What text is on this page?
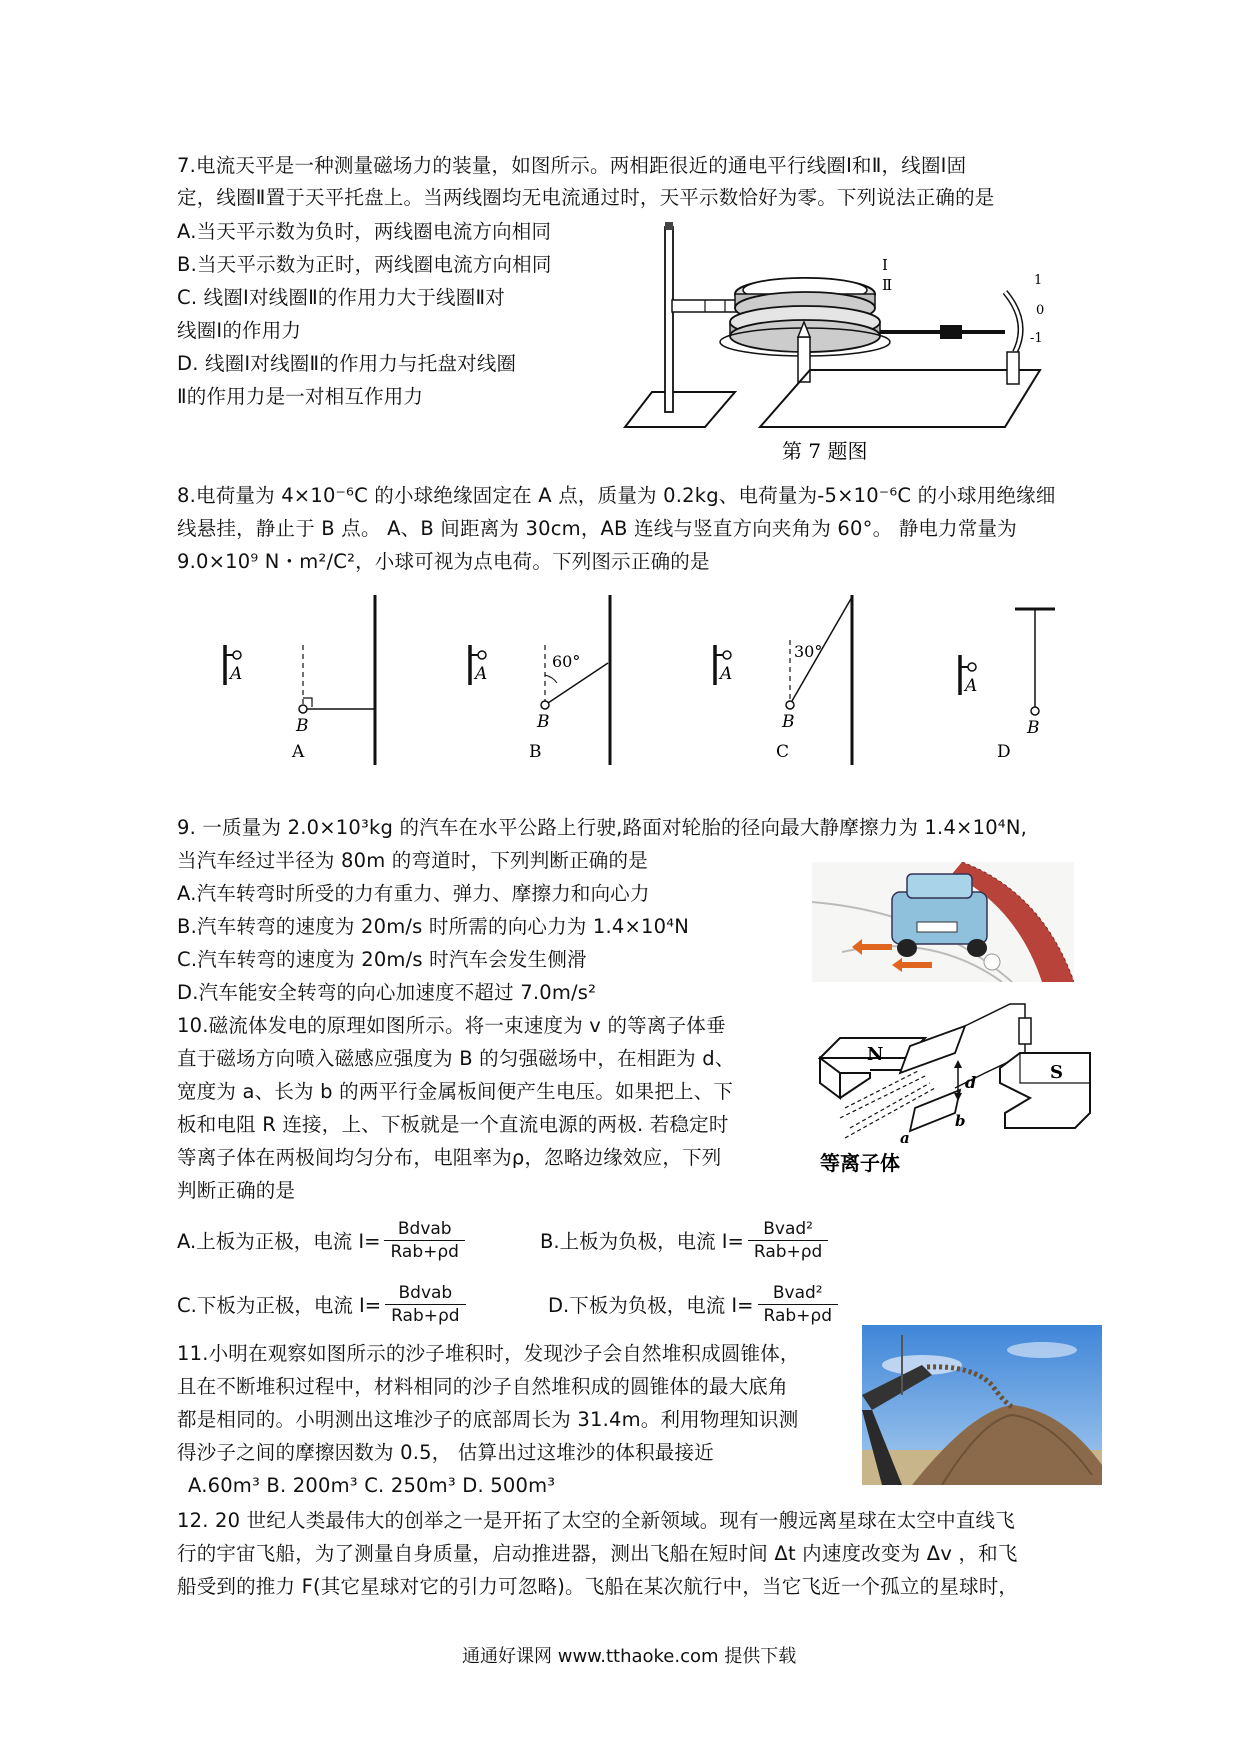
7.电流天平是一种测量磁场力的装量，如图所示。两相距很近的通电平行线圈Ⅰ和Ⅱ，线圈Ⅰ固
定，线圈Ⅱ置于天平托盘上。当两线圈均无电流通过时，天平示数恰好为零。下列说法正确的是
A.当天平示数为负时，两线圈电流方向相同
B.当天平示数为正时，两线圈电流方向相同
C. 线圈Ⅰ对线圈Ⅱ的作用力大于线圈Ⅱ对
线圈Ⅰ的作用力
D. 线圈Ⅰ对线圈Ⅱ的作用力与托盘对线圈
Ⅱ的作用力是一对相互作用力
Ⅰ
Ⅱ	1
0
-1
第 7 题图
8.电荷量为 4×10⁻⁶C 的小球绝缘固定在 A 点，质量为 0.2kg、电荷量为-5×10⁻⁶C 的小球用绝缘细
线悬挂，静止于 B 点。 A、B 间距离为 30cm，AB 连线与竖直方向夹角为 60°。 静电力常量为
9.0×10⁹ N・m²/C²，小球可视为点电荷。下列图示正确的是
A
B
A
A
60°
B
B
A
30°
B
C
A
B
D
9. 一质量为 2.0×10³kg 的汽车在水平公路上行驶,路面对轮胎的径向最大静摩擦力为 1.4×10⁴N,
当汽车经过半径为 80m 的弯道时，下列判断正确的是
A.汽车转弯时所受的力有重力、弹力、摩擦力和向心力
B.汽车转弯的速度为 20m/s 时所需的向心力为 1.4×10⁴N
C.汽车转弯的速度为 20m/s 时汽车会发生侧滑
D.汽车能安全转弯的向心加速度不超过 7.0m/s²
10.磁流体发电的原理如图所示。将一束速度为 v 的等离子体垂
直于磁场方向喷入磁感应强度为 B 的匀强磁场中，在相距为 d、
宽度为 a、长为 b 的两平行金属板间便产生电压。如果把上、下
板和电阻 R 连接，上、下板就是一个直流电源的两极. 若稳定时
等离子体在两极间均匀分布，电阻率为ρ，忽略边缘效应，下列
判断正确的是
N
d
b
a
S
等离子体
A.上板为正极，电流 $I= \frac{\text{Bdvab}}{\text{Rab+ρd}}$	B.上板为负极，电流 $I= \frac{\text{Bvad²}}{\text{Rab+ρd}}$
C.下板为正极，电流 $I= \frac{\text{Bdvab}}{\text{Rab+ρd}}$	D.下板为负极，电流 $I= \frac{\text{Bvad²}}{\text{Rab+ρd}}$
11.小明在观察如图所示的沙子堆积时，发现沙子会自然堆积成圆锥体，
且在不断堆积过程中，材料相同的沙子自然堆积成的圆锥体的最大底角
都是相同的。小明测出这堆沙子的底部周长为 31.4m。利用物理知识测
得沙子之间的摩擦因数为 0.5， 估算出过这堆沙的体积最接近
A.60m³ B. 200m³ C. 250m³ D. 500m³
12. 20 世纪人类最伟大的创举之一是开拓了太空的全新领域。现有一艘远离星球在太空中直线飞
行的宇宙飞船，为了测量自身质量，启动推进器，测出飞船在短时间 Δt 内速度改变为 Δv ，和飞
船受到的推力 F(其它星球对它的引力可忽略)。飞船在某次航行中，当它飞近一个孤立的星球时，
通通好课网 www.tthaoke.com 提供下载
